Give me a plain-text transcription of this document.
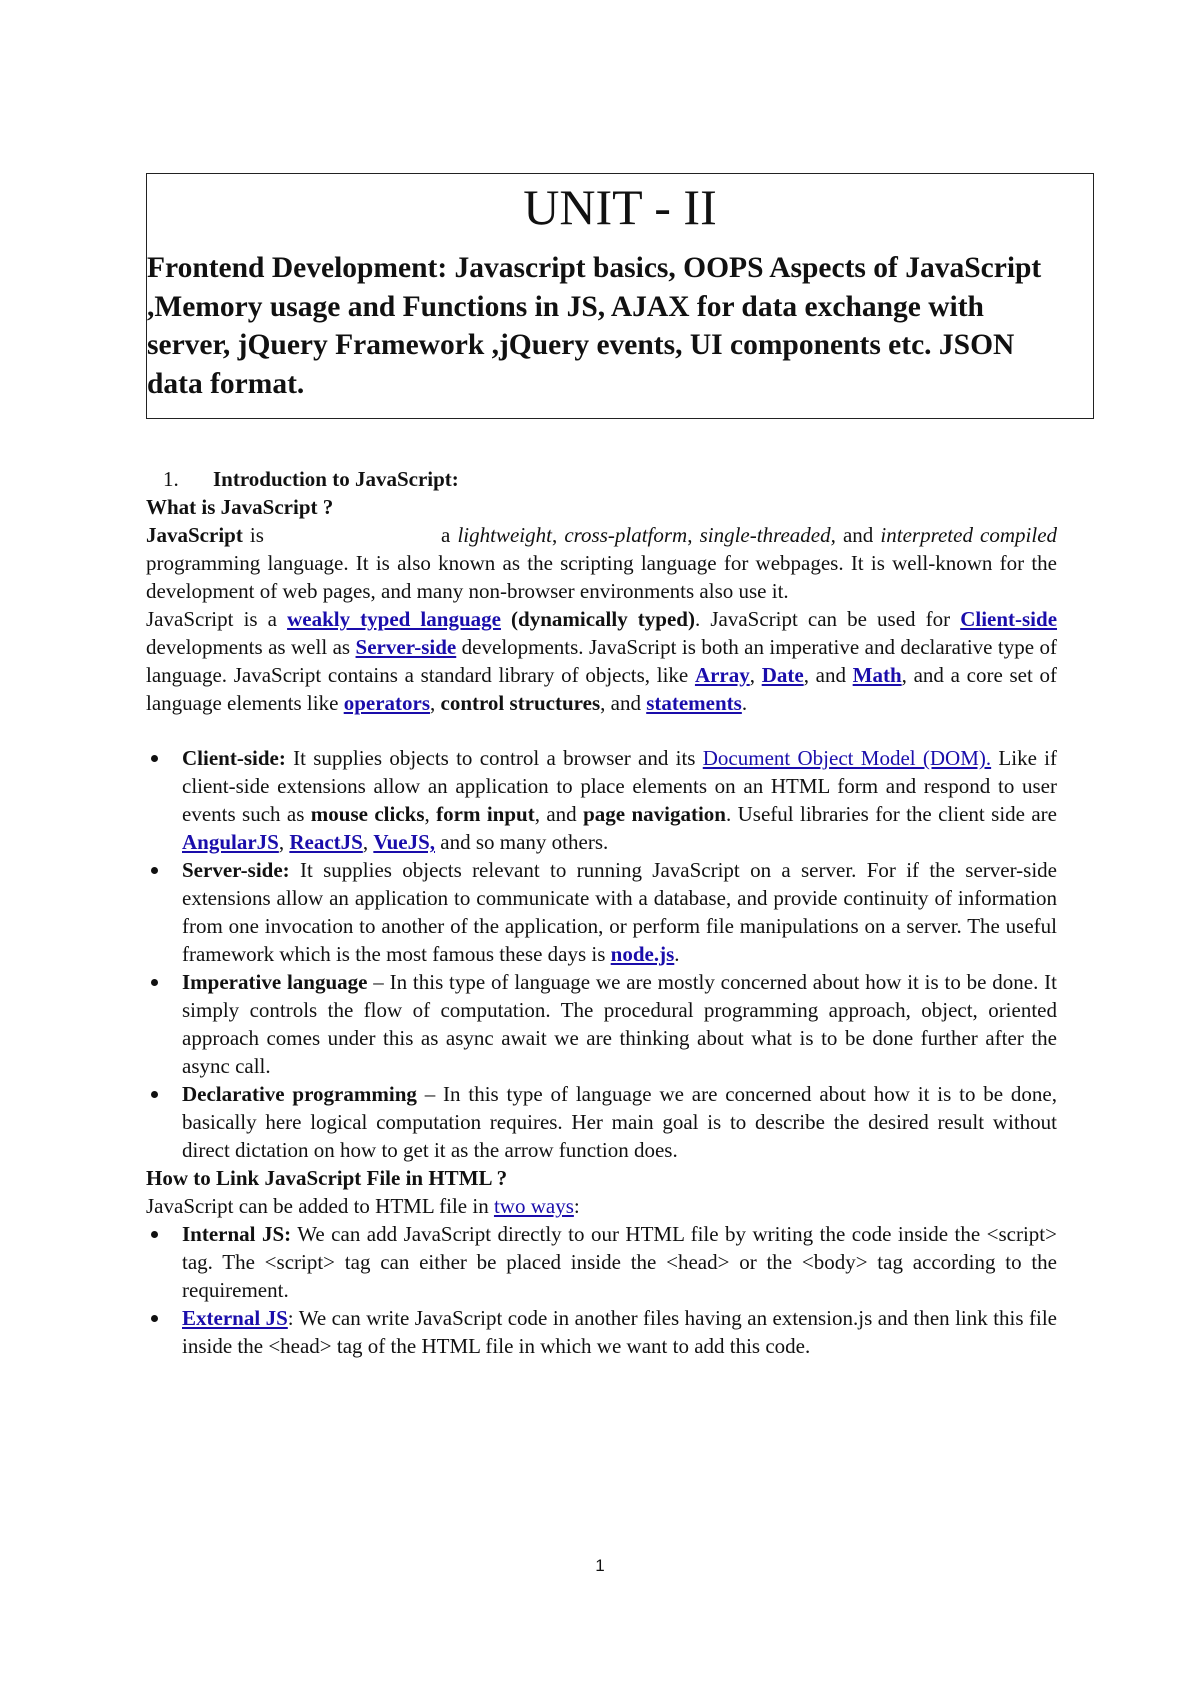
UNIT - II
Frontend Development: Javascript basics, OOPS Aspects of JavaScript ,Memory usage and Functions in JS, AJAX for data exchange with server, jQuery Framework ,jQuery events, UI components etc. JSON data format.

1. Introduction to JavaScript:

What is JavaScript ?

JavaScript is	a lightweight, cross-platform, single-threaded, and interpreted compiled programming language. It is also known as the scripting language for webpages. It is well-known for the development of web pages, and many non-browser environments also use it.

JavaScript is a weakly typed language (dynamically typed). JavaScript can be used for Client-side developments as well as Server-side developments. JavaScript is both an imperative and declarative type of language. JavaScript contains a standard library of objects, like Array, Date, and Math, and a core set of language elements like operators, control structures, and statements.

Client-side: It supplies objects to control a browser and its Document Object Model (DOM). Like if client-side extensions allow an application to place elements on an HTML form and respond to user events such as mouse clicks, form input, and page navigation. Useful libraries for the client side are AngularJS, ReactJS, VueJS, and so many others.
Server-side: It supplies objects relevant to running JavaScript on a server. For if the server-side extensions allow an application to communicate with a database, and provide continuity of information from one invocation to another of the application, or perform file manipulations on a server. The useful framework which is the most famous these days is node.js.
Imperative language – In this type of language we are mostly concerned about how it is to be done. It simply controls the flow of computation. The procedural programming approach, object, oriented approach comes under this as async await we are thinking about what is to be done further after the async call.
Declarative programming – In this type of language we are concerned about how it is to be done, basically here logical computation requires. Her main goal is to describe the desired result without direct dictation on how to get it as the arrow function does.

How to Link JavaScript File in HTML ?

JavaScript can be added to HTML file in two ways:

Internal JS: We can add JavaScript directly to our HTML file by writing the code inside the <script> tag. The <script> tag can either be placed inside the <head> or the <body> tag according to the requirement.
External JS: We can write JavaScript code in another files having an extension.js and then link this file inside the <head> tag of the HTML file in which we want to add this code.
1
